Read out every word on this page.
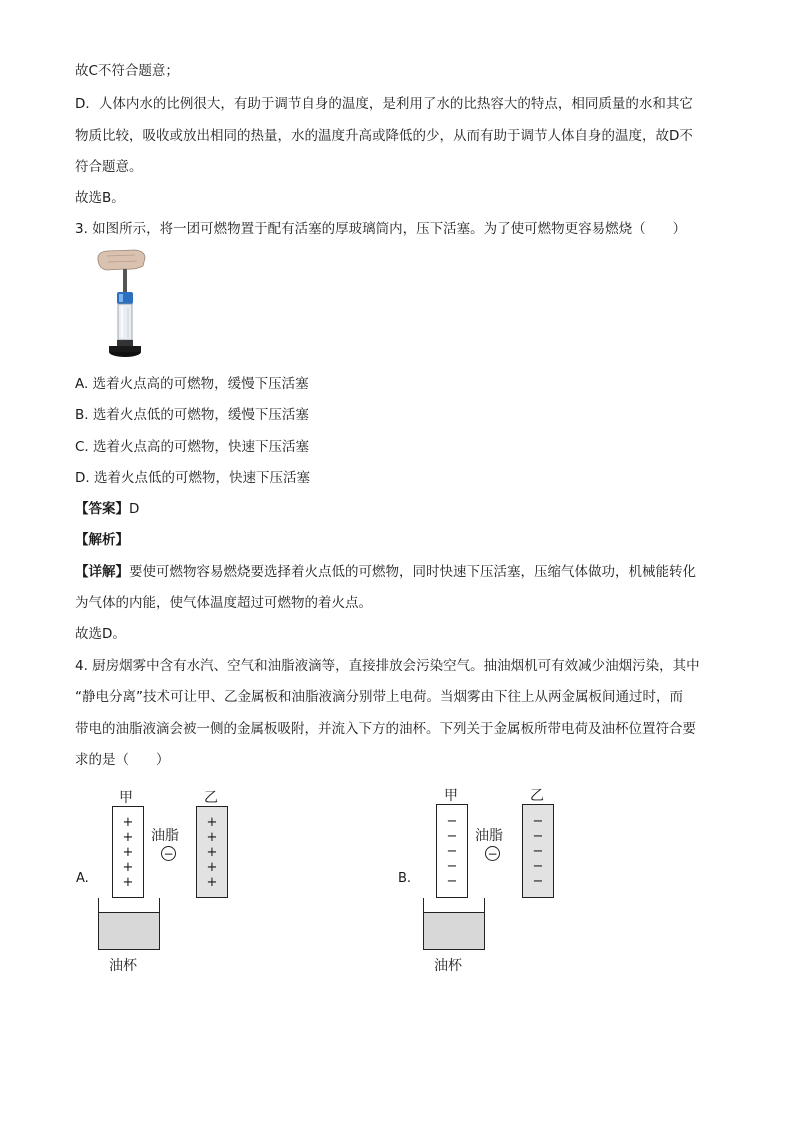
故C不符合题意；
D．人体内水的比例很大，有助于调节自身的温度，是利用了水的比热容大的特点，相同质量的水和其它
物质比较，吸收或放出相同的热量，水的温度升高或降低的少，从而有助于调节人体自身的温度，故D不
符合题意。
故选B。
3. 如图所示，将一团可燃物置于配有活塞的厚玻璃筒内，压下活塞。为了使可燃物更容易燃烧（　　）
A. 选着火点高的可燃物，缓慢下压活塞
B. 选着火点低的可燃物，缓慢下压活塞
C. 选着火点高的可燃物，快速下压活塞
D. 选着火点低的可燃物，快速下压活塞
【答案】D
【解析】
【详解】要使可燃物容易燃烧要选择着火点低的可燃物，同时快速下压活塞，压缩气体做功，机械能转化
为气体的内能，使气体温度超过可燃物的着火点。
故选D。
4. 厨房烟雾中含有水汽、空气和油脂液滴等，直接排放会污染空气。抽油烟机可有效减少油烟污染，其中
“静电分离”技术可让甲、乙金属板和油脂液滴分别带上电荷。当烟雾由下往上从两金属板间通过时，而
带电的油脂液滴会被一侧的金属板吸附，并流入下方的油杯。下列关于金属板所带电荷及油杯位置符合要
求的是（　　）
A.
甲	乙
+
+
+
+
+
油脂
−
+
+
+
+
+
油杯
B.
甲	乙
−
−
−
−
−
油脂
−
−
−
−
−
−
油杯
